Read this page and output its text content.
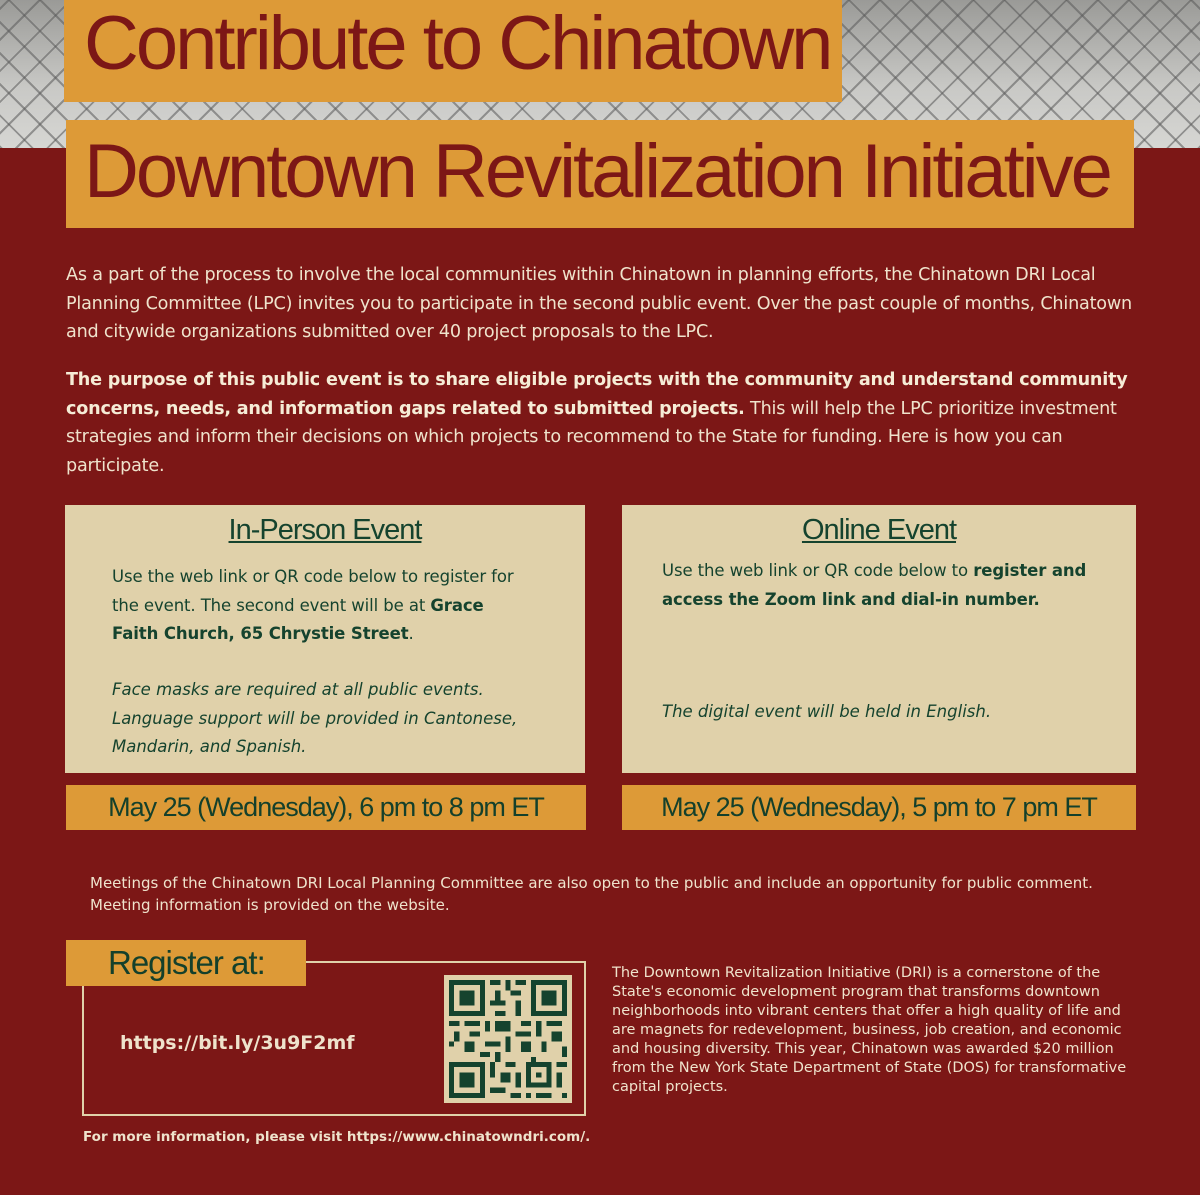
Contribute to Chinatown
Downtown Revitalization Initiative

As a part of the process to involve the local communities within Chinatown in planning efforts, the Chinatown DRI Local Planning Committee (LPC) invites you to participate in the second public event. Over the past couple of months, Chinatown and citywide organizations submitted over 40 project proposals to the LPC.

The purpose of this public event is to share eligible projects with the community and understand community concerns, needs, and information gaps related to submitted projects. This will help the LPC prioritize investment strategies and inform their decisions on which projects to recommend to the State for funding. Here is how you can participate.

In-Person Event
Use the web link or QR code below to register for the event. The second event will be at Grace Faith Church, 65 Chrystie Street.
Face masks are required at all public events. Language support will be provided in Cantonese, Mandarin, and Spanish.
Online Event
Use the web link or QR code below to register and access the Zoom link and dial-in number.
The digital event will be held in English.
May 25 (Wednesday), 6 pm to 8 pm ET	May 25 (Wednesday), 5 pm to 7 pm ET

Meetings of the Chinatown DRI Local Planning Committee are also open to the public and include an opportunity for public comment. Meeting information is provided on the website.

Register at:
https://bit.ly/3u9F2mf

The Downtown Revitalization Initiative (DRI) is a cornerstone of the State's economic development program that transforms downtown neighborhoods into vibrant centers that offer a high quality of life and are magnets for redevelopment, business, job creation, and economic and housing diversity. This year, Chinatown was awarded $20 million from the New York State Department of State (DOS) for transformative capital projects.

For more information, please visit https://www.chinatowndri.com/.
